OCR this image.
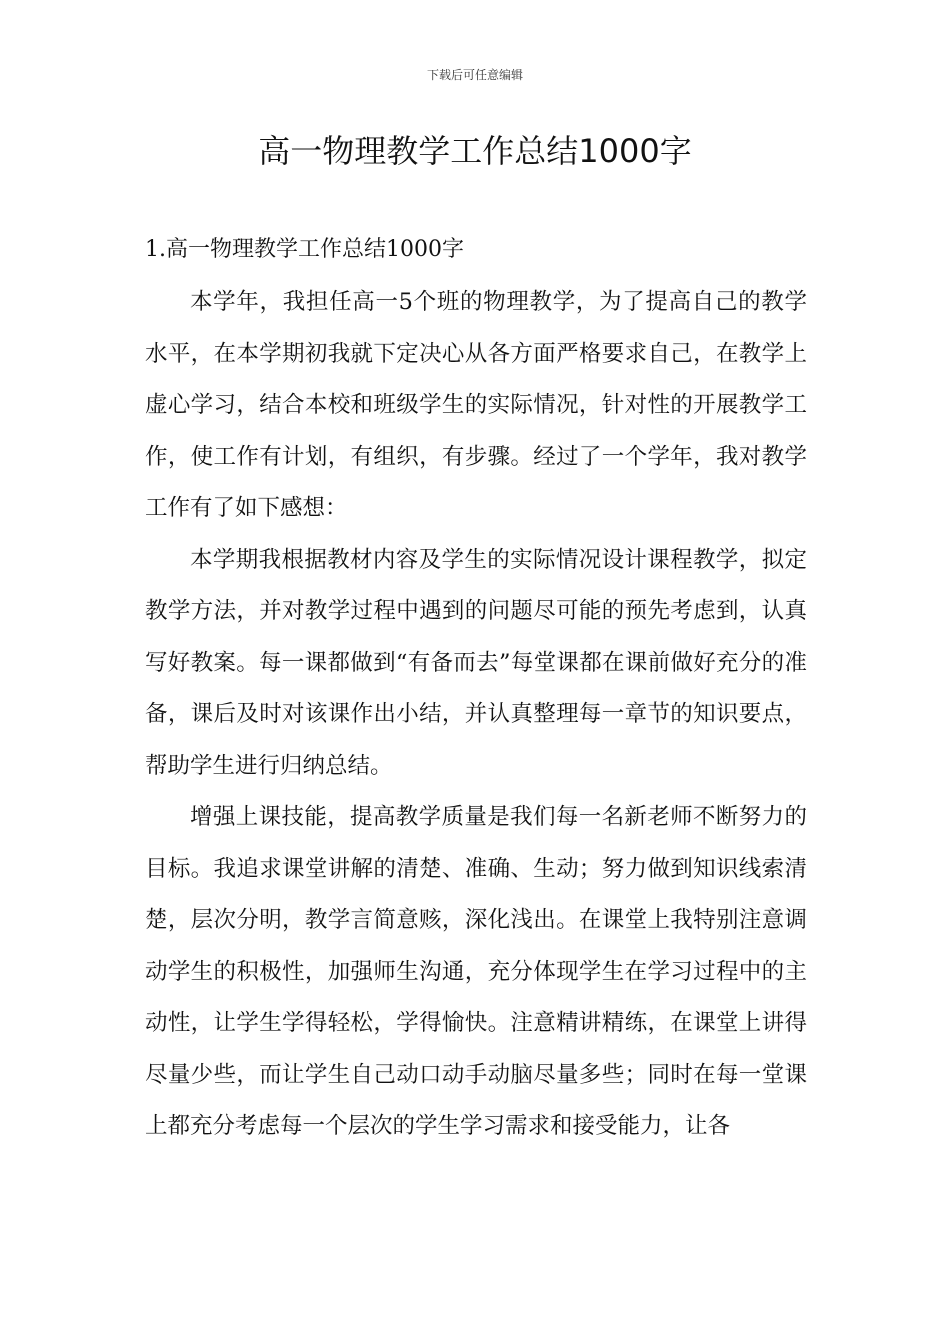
下载后可任意编辑
高一物理教学工作总结1000字
1.高一物理教学工作总结1000字

本学年，我担任高一5个班的物理教学，为了提高自己的教学水平，在本学期初我就下定决心从各方面严格要求自己，在教学上虚心学习，结合本校和班级学生的实际情况，针对性的开展教学工作，使工作有计划，有组织，有步骤。经过了一个学年，我对教学工作有了如下感想：

本学期我根据教材内容及学生的实际情况设计课程教学，拟定教学方法，并对教学过程中遇到的问题尽可能的预先考虑到，认真写好教案。每一课都做到“有备而去”每堂课都在课前做好充分的准备，课后及时对该课作出小结，并认真整理每一章节的知识要点，帮助学生进行归纳总结。

增强上课技能，提高教学质量是我们每一名新老师不断努力的目标。我追求课堂讲解的清楚、准确、生动；努力做到知识线索清楚，层次分明，教学言简意赅，深化浅出。在课堂上我特别注意调动学生的积极性，加强师生沟通，充分体现学生在学习过程中的主动性，让学生学得轻松，学得愉快。注意精讲精练，在课堂上讲得尽量少些，而让学生自己动口动手动脑尽量多些；同时在每一堂课上都充分考虑每一个层次的学生学习需求和接受能力，让各
